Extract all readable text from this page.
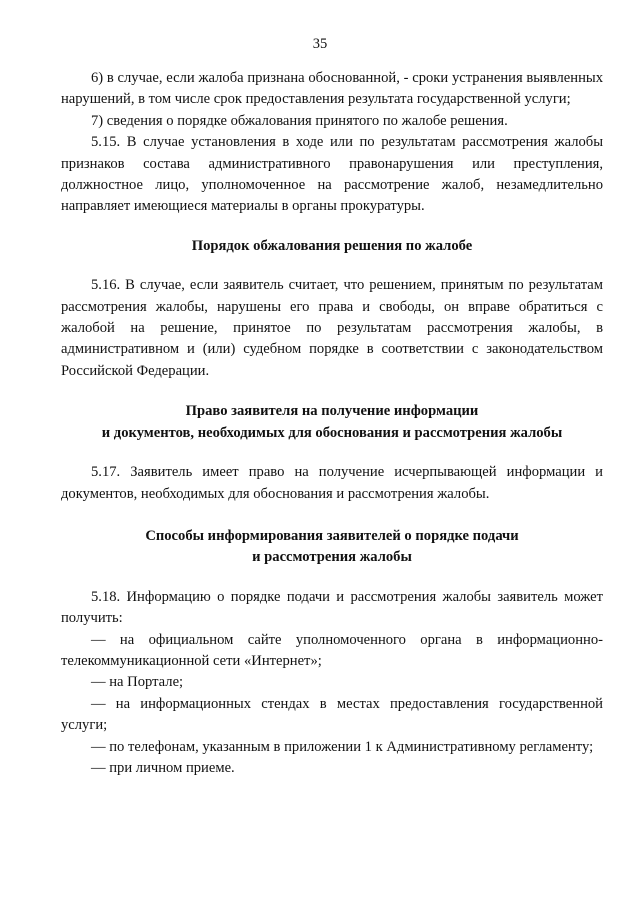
35

6) в случае, если жалоба признана обоснованной, - сроки устранения выявленных нарушений, в том числе срок предоставления результата государственной услуги;

7) сведения о порядке обжалования принятого по жалобе решения.

5.15. В случае установления в ходе или по результатам рассмотрения жалобы признаков состава административного правонарушения или преступления, должностное лицо, уполномоченное на рассмотрение жалоб, незамедлительно направляет имеющиеся материалы в органы прокуратуры.

Порядок обжалования решения по жалобе

5.16. В случае, если заявитель считает, что решением, принятым по результатам рассмотрения жалобы, нарушены его права и свободы, он вправе обратиться с жалобой на решение, принятое по результатам рассмотрения жалобы, в административном и (или) судебном порядке в соответствии с законодательством Российской Федерации.

Право заявителя на получение информации

и документов, необходимых для обоснования и рассмотрения жалобы

5.17. Заявитель имеет право на получение исчерпывающей информации и документов, необходимых для обоснования и рассмотрения жалобы.

Способы информирования заявителей о порядке подачи

и рассмотрения жалобы

5.18. Информацию о порядке подачи и рассмотрения жалобы заявитель может получить:

— на официальном сайте уполномоченного органа в информационно-телекоммуникационной сети «Интернет»;

— на Портале;

— на информационных стендах в местах предоставления государственной услуги;

— по телефонам, указанным в приложении 1 к Административному регламенту;

— при личном приеме.
